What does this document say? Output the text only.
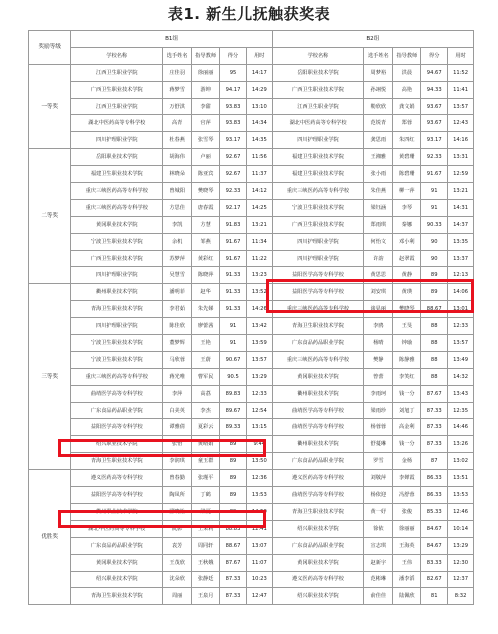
表1. 新生儿抚触获奖表
奖励等级	B1组					B2组				
	学校名称	选手姓名	指导教师	得分	用时	学校名称	选手姓名	指导教师	得分	用时
一等奖	江西卫生职业学院	庄佳羽	徐丽丽	95	14:17	岳阳职业技术学院	周梦裕	洪晨	94.67	11:52
	广西卫生职业技术学院	蒋梦雪	游坤	94.17	14:29	广西卫生职业技术学院	孙翊悦	高艳	94.33	11:41
	江西卫生职业学院	万舒淇	李甜	93.83	13:10	江西卫生职业学院	勒欣欣	龚文娟	93.67	13:57
	湖北中医药高等专科学校	高青	官萍	93.83	14:34	湖北中医药高等专科学校	范锐青	郑蓉	93.67	12:43
	四川护理职业学院	杜春燕	张雪琴	93.17	14:35	四川护理职业学院	龚思雨	朱四红	93.17	14:16
二等奖	岳阳职业技术学院	胡海伟	卢丽	92.67	11:56	福建卫生职业技术学院	王湘雅	黄碧珊	92.33	13:31
	福建卫生职业技术学院	林晓朵	陈亚宾	92.67	11:37	福建卫生职业技术学院	张小雨	陈碧珊	91.67	12:59
	重庆三峡医药高等专科学校	曾城阳	樊晓琴	92.33	14:12	重庆三峡医药高等专科学校	朱佳燕	柳一萍	91	13:21
	重庆三峡医药高等专科学校	方思佳	唐春霞	92.17	14:25	宁波卫生职业技术学院	梁钰涵	李琴	91	14:31
	黄冈职业技术学院	李凯	方慧	91.83	13:21	广西卫生职业技术学院	郑雨琪	秦娜	90.33	14:37
	宁波卫生职业技术学院	余机	邹燕	91.67	11:34	四川护理职业学院	何怡文	邓小利	90	13:35
	广西卫生职业技术学院	苏梦萍	黄彩红	91.67	11:22	四川护理职业学院	许韵	赵翠霞	90	13:37
	四川护理职业学院	吴慧雪	陈晓萍	91.33	13:23	益阳医学高等专科学校	黄思思	黄静	89	12:13
三等奖	衢州职业技术学院	潘明菲	赵华	91.33	13:52	益阳医学高等专科学校	刘安琪	黄瑛	89	14:06
	青海卫生职业技术学院	李君茹	朱先娣	91.33	14:26	重庆三峡医药高等专科学校	谈显丽	樊晓琴	88.67	13:01
	四川护理职业学院	陈佳欣	廖蕾茜	91	13:42	青海卫生职业技术学院	李鸥	王旻	88	12:33
	宁波卫生职业技术学院	董梦辉	王艳	91	13:59	广东食品药品职业学院	杨晴	钟瑜	88	13:57
	宁波卫生职业技术学院	马欣蓉	王蔚	90.67	13:57	重庆三峡医药高等专科学校	樊静	陈静雅	88	13:49
	重庆三峡医药高等专科学校	蒋光唯	曹军民	90.5	13:29	黄冈职业技术学院	曾蕾	李笑红	88	14:32
	曲靖医学高等专科学校	李萍	高荔	89.83	12:33	衢州职业技术学院	李雨珂	钱一分	87.67	13:43
	广东食品药品职业学院	白美英	李杰	89.67	12:54	曲靖医学高等专科学校	梁雨珍	刘旭丁	87.33	12:35
	益阳医学高等专科学校	谭雅倩	夏彩云	89.33	13:15	曲靖医学高等专科学校	杨蓉蓉	高金利	87.33	14:46
	绍兴职业技术学院	张怡	黄晴娟	89	9:44	衢州职业技术学院	舒蔓琳	钱一分	87.33	13:26
	青海卫生职业技术学院	李润琪	童玉群	89	13:50	广东食品药品职业学院	罗雪	金杨	87	13:02
优胜奖	遵义医药高等专科学校	曾春勤	张瑾平	89	12:36	遵义医药高等专科学校	刘敬萍	李婵霞	86.33	13:51
	益阳医学高等专科学校	陶凤所	丁鹤	89	13:53	曲靖医学高等专科学校	杨依迎	冯舒蓉	86.33	13:53
	衢州职业技术学院	郦晓怡	梁夏	89	14:59	青海卫生职业技术学院	黄一妤	张俊	85.33	12:46
	湖北中医药高等专科学校	阮影	王茉莉	88.83	12:41	绍兴职业技术学院	徐依	徐丽丽	84.67	10:14
	广东食品药品职业学院	袁芳	周同轩	88.67	13:07	广东食品药品职业学院	宣志琪	王海英	84.67	13:29
	黄冈职业技术学院	王茂欣	王秋娥	87.67	11:07	黄冈职业技术学院	赵新宇	王伟	83.33	12:30
	绍兴职业技术学院	沈朵欣	张静廷	87.33	10:23	遵义医药高等专科学校	范彬琳	潘李滔	82.67	12:37
	青海卫生职业技术学院	周丽	王泉月	87.33	12:47	绍兴职业技术学院	俞佳佳	陆佩欣	81	8:32
